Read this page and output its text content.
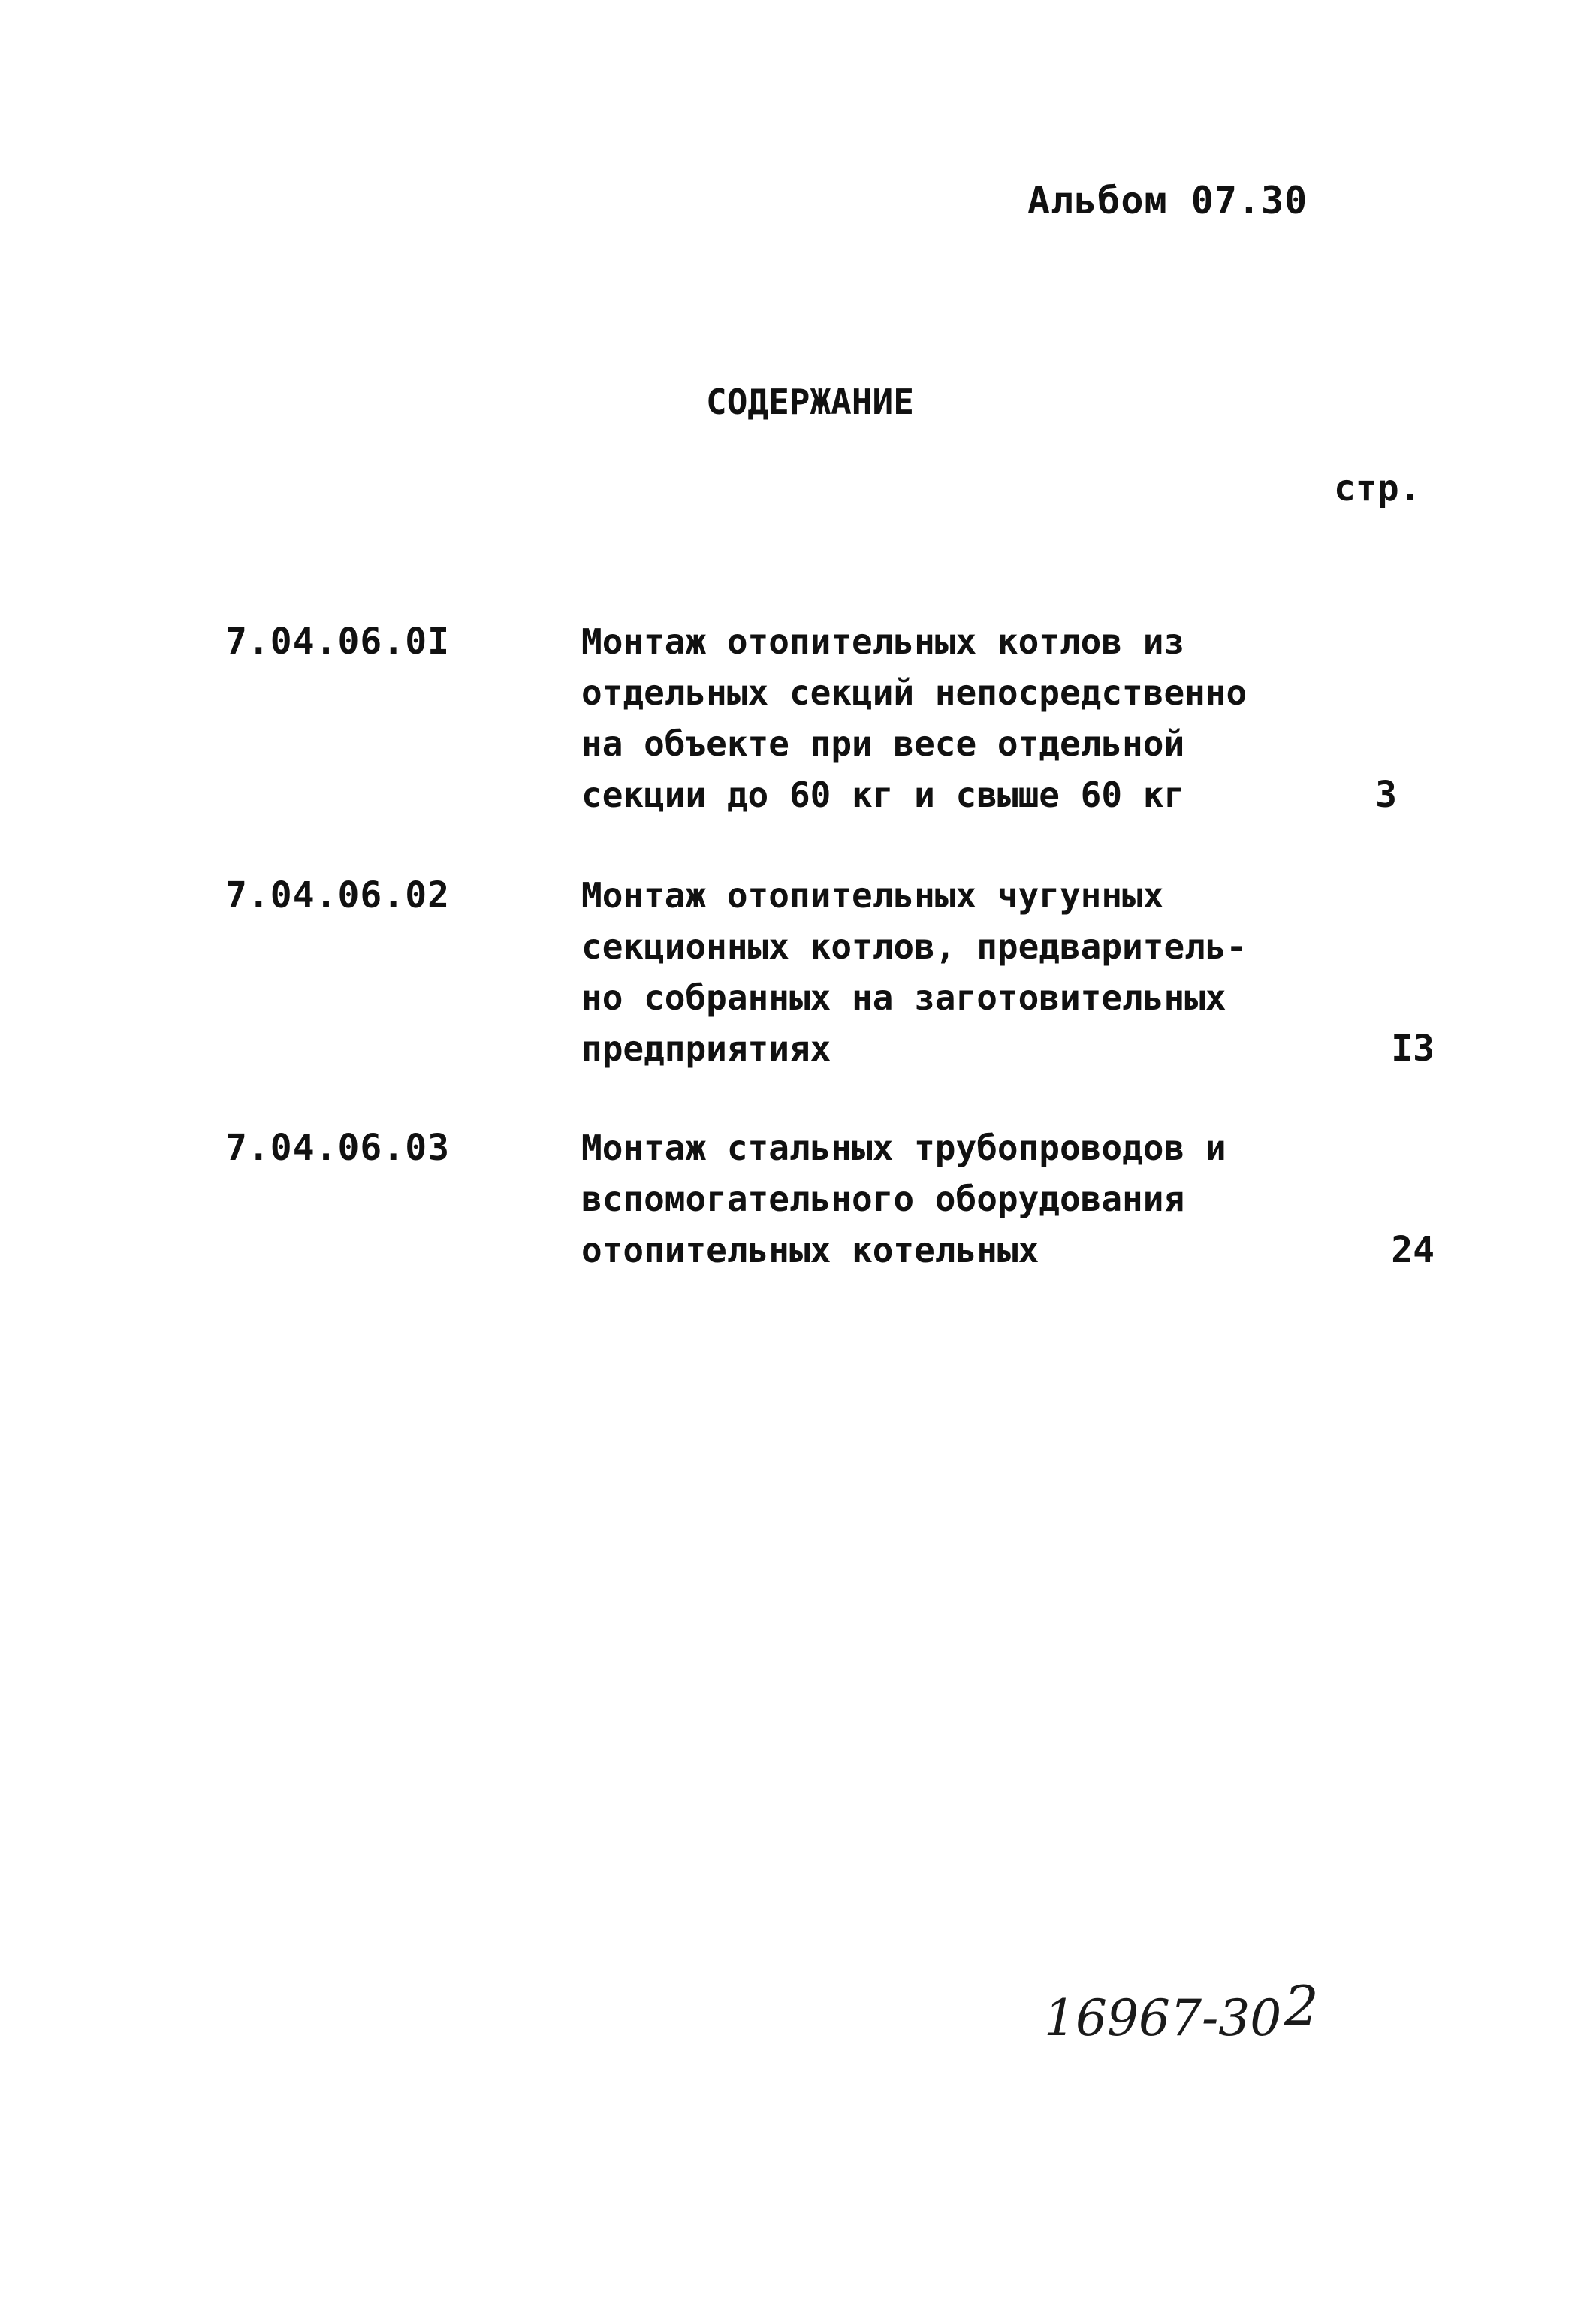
Альбом 07.30
СОДЕРЖАНИЕ
стр.
7.04.06.0I	Монтаж отопительных котлов из
отдельных секций непосредственно
на объекте при весе отдельной
секции до 60 кг и свыше 60 кг	3
7.04.06.02	Монтаж отопительных чугунных
секционных котлов, предваритель-
но собранных на заготовительных
предприятиях	I3
7.04.06.03	Монтаж стальных трубопроводов и
вспомогательного оборудования
отопительных котельных	24
16967-30 2
